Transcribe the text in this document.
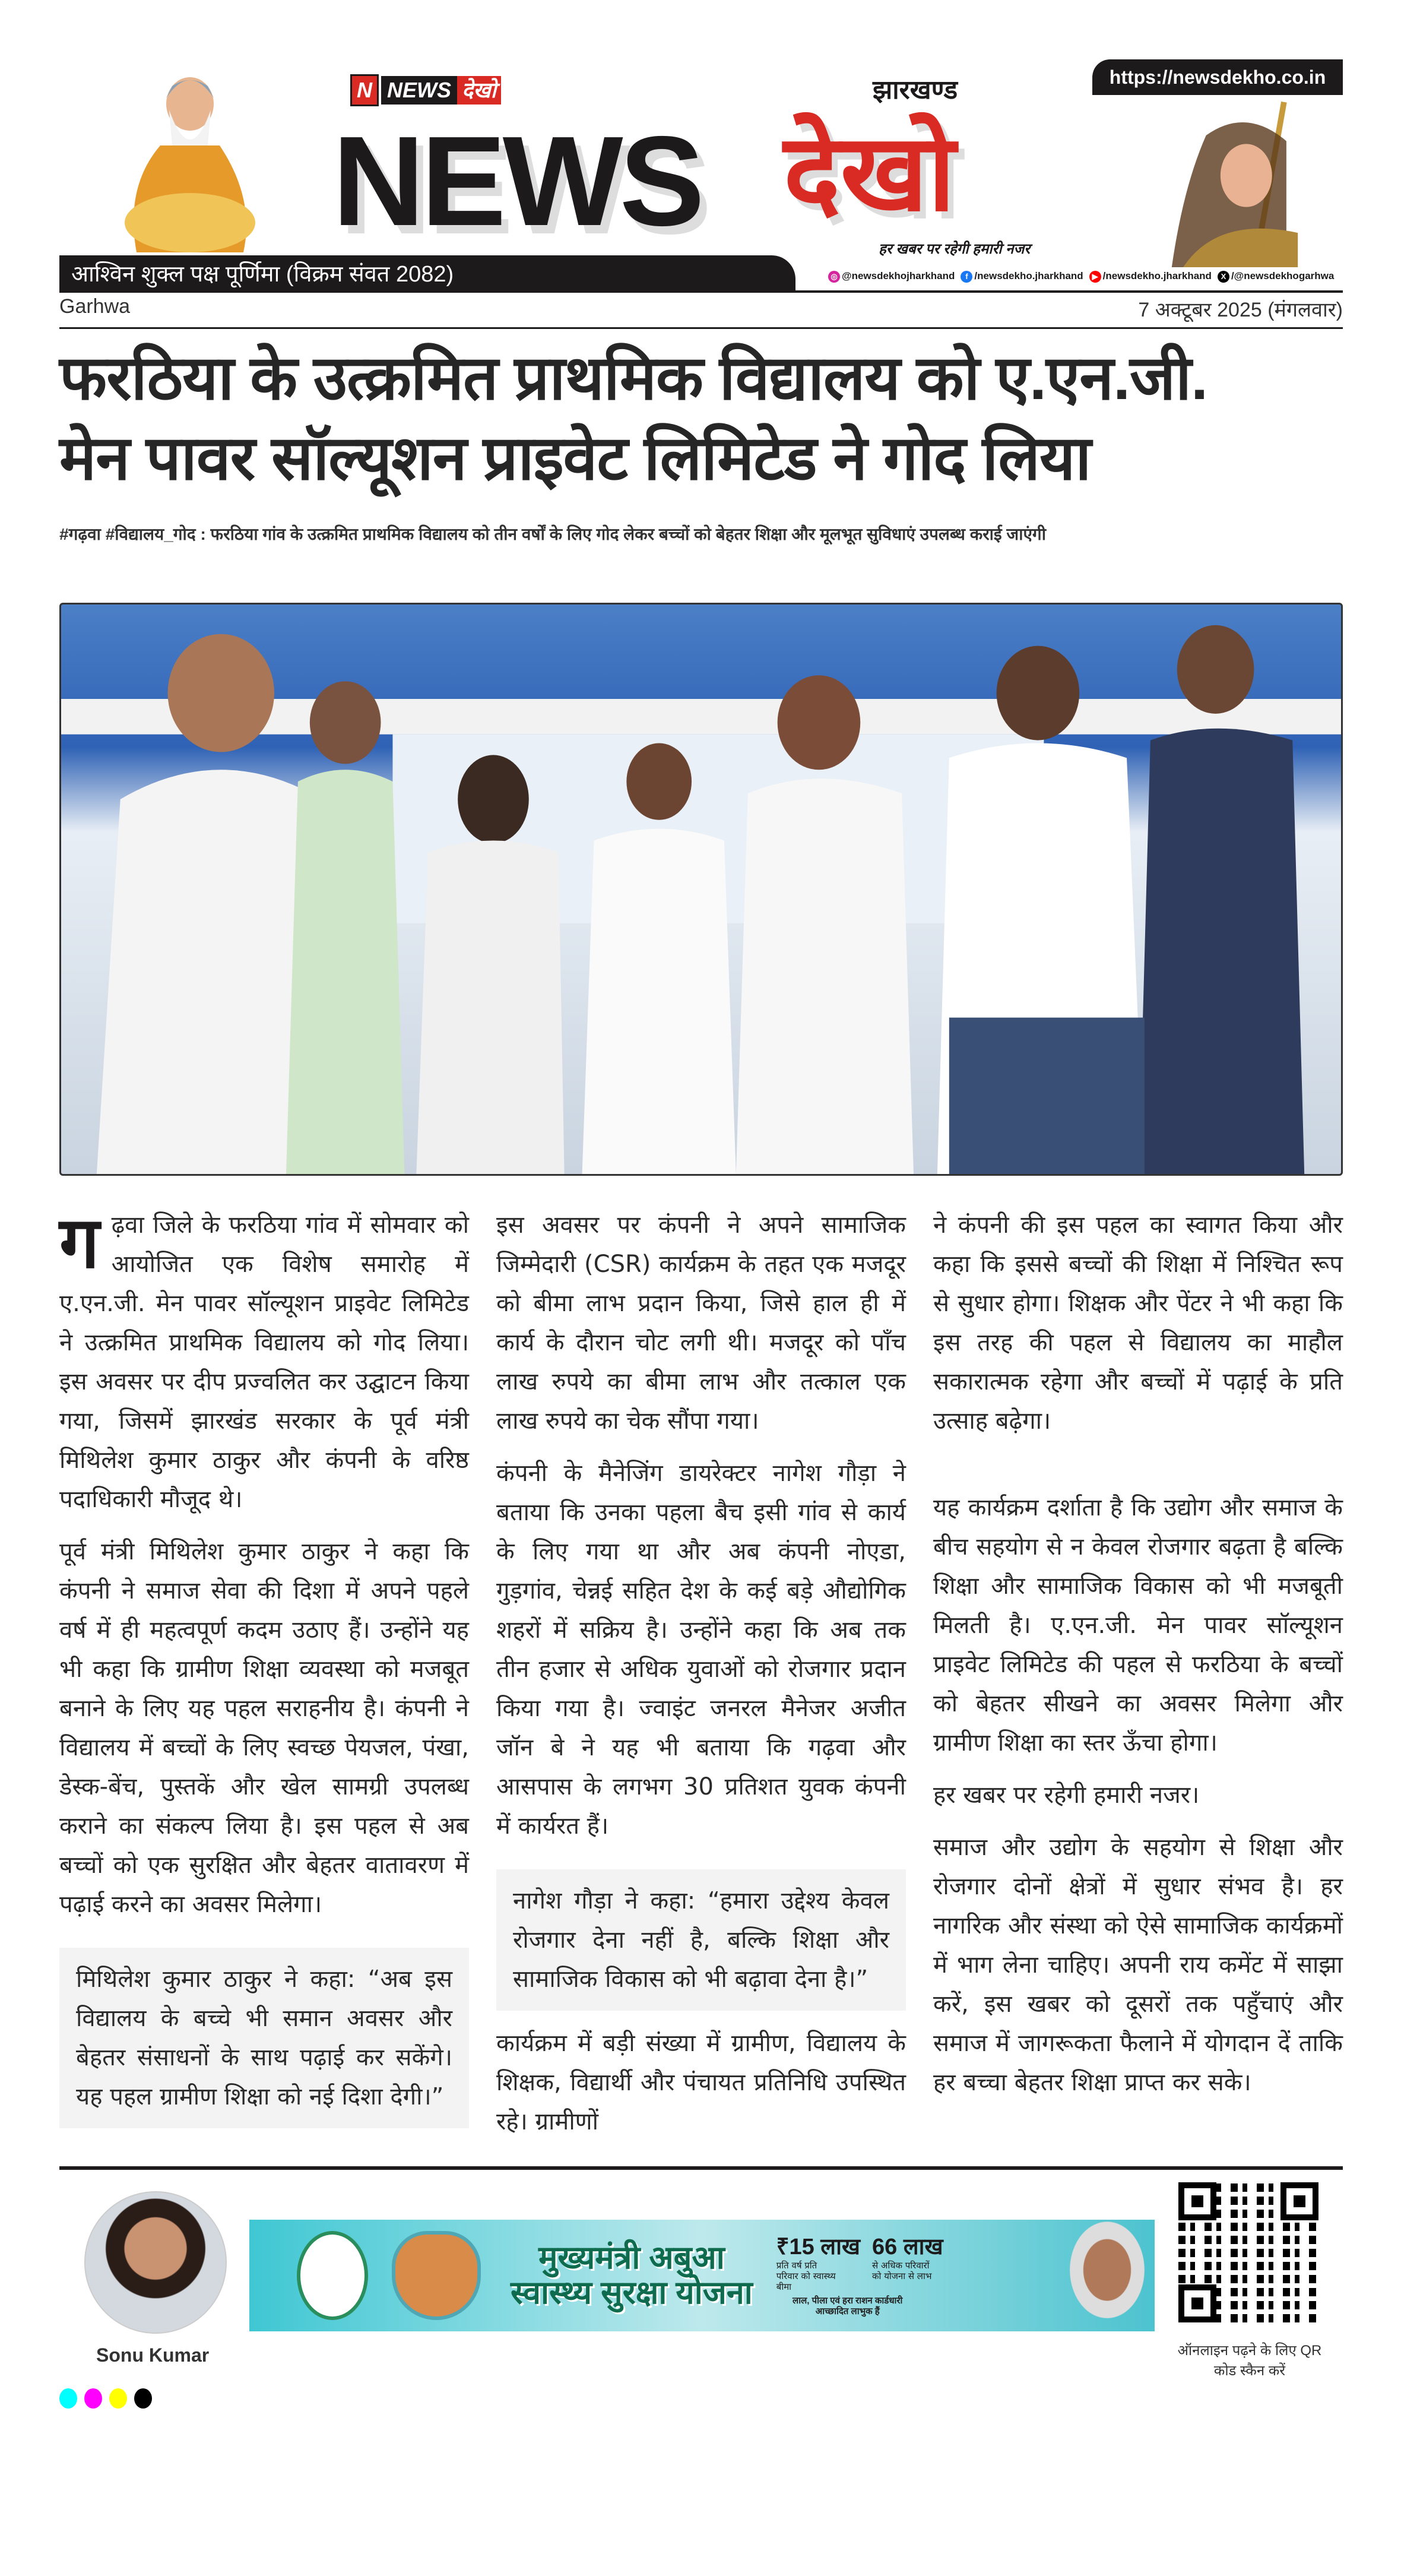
https://newsdekho.co.in
N NEWS देखो	झारखण्ड
NEWS देखो
हर खबर पर रहेगी हमारी नजर
आश्विन शुक्ल पक्ष पूर्णिमा (विक्रम संवत 2082)	◎ @newsdekhojharkhand	f /newsdekho.jharkhand	▶ /newsdekho.jharkhand	X /@newsdekhogarhwa
Garhwa	7 अक्टूबर 2025 (मंगलवार)
फरठिया के उत्क्रमित प्राथमिक विद्यालय को ए.एन.जी.
मेन पावर सॉल्यूशन प्राइवेट लिमिटेड ने गोद लिया
#गढ़वा #विद्यालय_गोद : फरठिया गांव के उत्क्रमित प्राथमिक विद्यालय को तीन वर्षों के लिए गोद लेकर बच्चों को बेहतर शिक्षा और मूलभूत सुविधाएं उपलब्ध कराई जाएंगी

गढ़वा जिले के फरठिया गांव में सोमवार को आयोजित एक विशेष समारोह में ए.एन.जी. मेन पावर सॉल्यूशन प्राइवेट लिमिटेड ने उत्क्रमित प्राथमिक विद्यालय को गोद लिया। इस अवसर पर दीप प्रज्वलित कर उद्घाटन किया गया, जिसमें झारखंड सरकार के पूर्व मंत्री मिथिलेश कुमार ठाकुर और कंपनी के वरिष्ठ पदाधिकारी मौजूद थे।

पूर्व मंत्री मिथिलेश कुमार ठाकुर ने कहा कि कंपनी ने समाज सेवा की दिशा में अपने पहले वर्ष में ही महत्वपूर्ण कदम उठाए हैं। उन्होंने यह भी कहा कि ग्रामीण शिक्षा व्यवस्था को मजबूत बनाने के लिए यह पहल सराहनीय है। कंपनी ने विद्यालय में बच्चों के लिए स्वच्छ पेयजल, पंखा, डेस्क-बेंच, पुस्तकें और खेल सामग्री उपलब्ध कराने का संकल्प लिया है। इस पहल से अब बच्चों को एक सुरक्षित और बेहतर वातावरण में पढ़ाई करने का अवसर मिलेगा।

मिथिलेश कुमार ठाकुर ने कहा: “अब इस विद्यालय के बच्चे भी समान अवसर और बेहतर संसाधनों के साथ पढ़ाई कर सकेंगे। यह पहल ग्रामीण शिक्षा को नई दिशा देगी।”

इस अवसर पर कंपनी ने अपने सामाजिक जिम्मेदारी (CSR) कार्यक्रम के तहत एक मजदूर को बीमा लाभ प्रदान किया, जिसे हाल ही में कार्य के दौरान चोट लगी थी। मजदूर को पाँच लाख रुपये का बीमा लाभ और तत्काल एक लाख रुपये का चेक सौंपा गया।

कंपनी के मैनेजिंग डायरेक्टर नागेश गौड़ा ने बताया कि उनका पहला बैच इसी गांव से कार्य के लिए गया था और अब कंपनी नोएडा, गुड़गांव, चेन्नई सहित देश के कई बड़े औद्योगिक शहरों में सक्रिय है। उन्होंने कहा कि अब तक तीन हजार से अधिक युवाओं को रोजगार प्रदान किया गया है। ज्वाइंट जनरल मैनेजर अजीत जॉन बे ने यह भी बताया कि गढ़वा और आसपास के लगभग 30 प्रतिशत युवक कंपनी में कार्यरत हैं।

नागेश गौड़ा ने कहा: “हमारा उद्देश्य केवल रोजगार देना नहीं है, बल्कि शिक्षा और सामाजिक विकास को भी बढ़ावा देना है।”

कार्यक्रम में बड़ी संख्या में ग्रामीण, विद्यालय के शिक्षक, विद्यार्थी और पंचायत प्रतिनिधि उपस्थित रहे। ग्रामीणों

ने कंपनी की इस पहल का स्वागत किया और कहा कि इससे बच्चों की शिक्षा में निश्चित रूप से सुधार होगा। शिक्षक और पेंटर ने भी कहा कि इस तरह की पहल से विद्यालय का माहौल सकारात्मक रहेगा और बच्चों में पढ़ाई के प्रति उत्साह बढ़ेगा।

यह कार्यक्रम दर्शाता है कि उद्योग और समाज के बीच सहयोग से न केवल रोजगार बढ़ता है बल्कि शिक्षा और सामाजिक विकास को भी मजबूती मिलती है। ए.एन.जी. मेन पावर सॉल्यूशन प्राइवेट लिमिटेड की पहल से फरठिया के बच्चों को बेहतर सीखने का अवसर मिलेगा और ग्रामीण शिक्षा का स्तर ऊँचा होगा।

हर खबर पर रहेगी हमारी नजर।

समाज और उद्योग के सहयोग से शिक्षा और रोजगार दोनों क्षेत्रों में सुधार संभव है। हर नागरिक और संस्था को ऐसे सामाजिक कार्यक्रमों में भाग लेना चाहिए। अपनी राय कमेंट में साझा करें, इस खबर को दूसरों तक पहुँचाएं और समाज में जागरूकता फैलाने में योगदान दें ताकि हर बच्चा बेहतर शिक्षा प्राप्त कर सके।

Sonu Kumar
मुख्यमंत्री अबुआ
स्वास्थ्य सुरक्षा योजना
₹15 लाख
प्रति वर्ष प्रति परिवार को स्वास्थ्य बीमा
66 लाख
से अधिक परिवारों को योजना से लाभ
लाल, पीला एवं हरा राशन कार्डधारी आच्छादित लाभुक हैं
ऑनलाइन पढ़ने के लिए QR कोड स्कैन करें
